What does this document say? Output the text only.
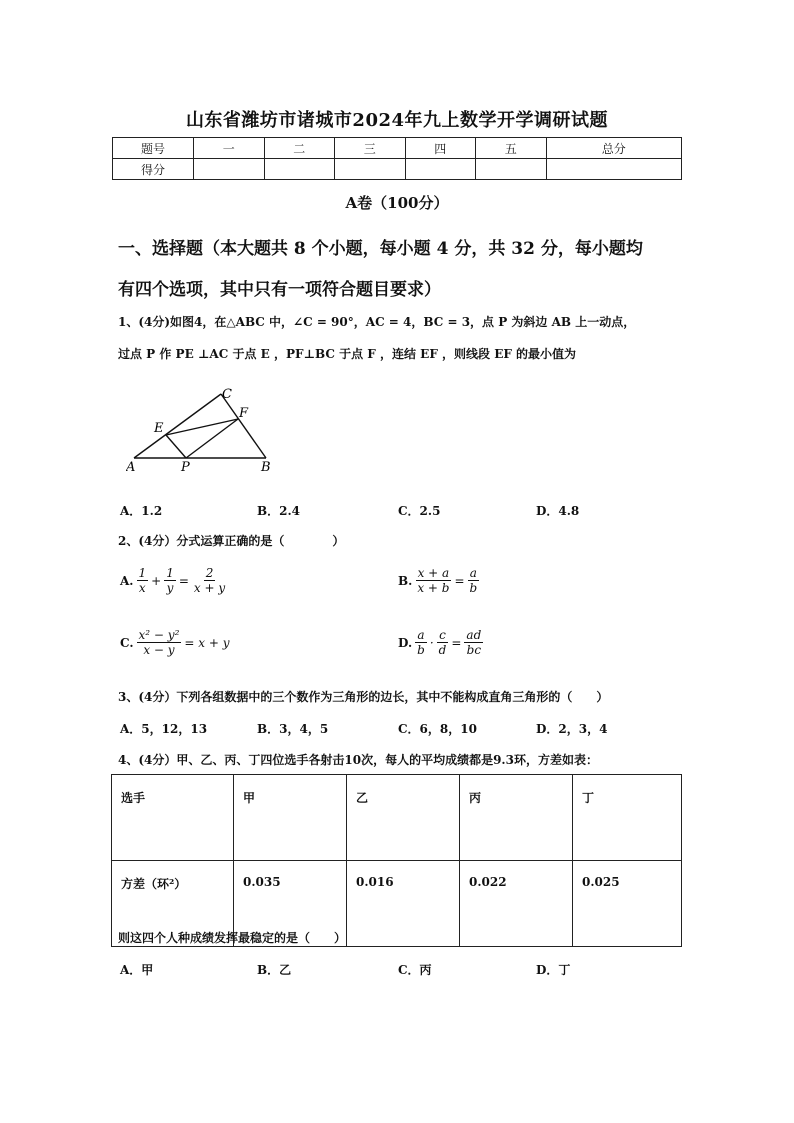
山东省潍坊市诸城市2024年九上数学开学调研试题
题号	一	二	三	四	五	总分
得分						
A卷（100分）
一、选择题（本大题共 8 个小题，每小题 4 分，共 32 分，每小题均
有四个选项，其中只有一项符合题目要求）
1、(4分)如图4，在△ABC 中，∠C = 90°，AC = 4，BC = 3，点 P 为斜边 AB 上一动点，
过点 P 作 PE ⊥AC 于点 E ，PF⊥BC 于点 F ，连结 EF ，则线段 EF 的最小值为
A	B
C
E
F
P
A．1.2	B．2.4	C．2.5	D．4.8
2、(4分）分式运算正确的是（　　　　）
A. $\frac{1}{x} + \frac{1}{y} = \frac{2}{x + y}$	B. $\frac{x + a}{x + b} = \frac{a}{b}$
C. $\frac{\text{x² − y²}}{x - y} = x + y$	D. $\frac{a}{b} \cdot \frac{c}{d} = \frac{ad}{bc}$
3、(4分）下列各组数据中的三个数作为三角形的边长，其中不能构成直角三角形的（　　）
A．5，12，13	B．3，4，5	C．6，8，10	D．2，3，4
4、(4分）甲、乙、丙、丁四位选手各射击10次，每人的平均成绩都是9.3环，方差如表：
选手	甲	乙	丙	丁
方差（环²）	0.035	0.016	0.022	0.025
则这四个人种成绩发挥最稳定的是（　　）
A．甲	B．乙	C．丙	D．丁
